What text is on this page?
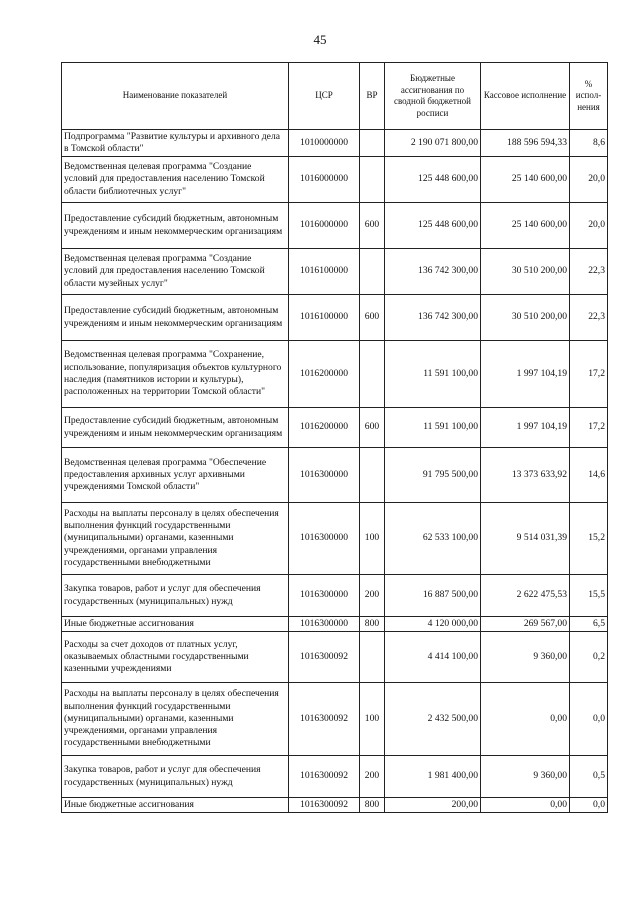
45
Наименование показателей	ЦСР	ВР	Бюджетные ассигнования по сводной бюджетной росписи	Кассовое исполнение	% испол-нения
Подпрограмма "Развитие культуры и архивного дела в Томской области"	1010000000		2 190 071 800,00	188 596 594,33	8,6
Ведомственная целевая программа "Создание условий для предоставления населению Томской области библиотечных услуг"	1016000000		125 448 600,00	25 140 600,00	20,0
Предоставление субсидий бюджетным, автономным учреждениям и иным некоммерческим организациям	1016000000	600	125 448 600,00	25 140 600,00	20,0
Ведомственная целевая программа "Создание условий для предоставления населению Томской области музейных услуг"	1016100000		136 742 300,00	30 510 200,00	22,3
Предоставление субсидий бюджетным, автономным учреждениям и иным некоммерческим организациям	1016100000	600	136 742 300,00	30 510 200,00	22,3
Ведомственная целевая программа "Сохранение, использование, популяризация объектов культурного наследия (памятников истории и культуры), расположенных на территории Томской области"	1016200000		11 591 100,00	1 997 104,19	17,2
Предоставление субсидий бюджетным, автономным учреждениям и иным некоммерческим организациям	1016200000	600	11 591 100,00	1 997 104,19	17,2
Ведомственная целевая программа "Обеспечение предоставления архивных услуг архивными учреждениями Томской области"	1016300000		91 795 500,00	13 373 633,92	14,6
Расходы на выплаты персоналу в целях обеспечения выполнения функций государственными (муниципальными) органами, казенными учреждениями, органами управления государственными внебюджетными	1016300000	100	62 533 100,00	9 514 031,39	15,2
Закупка товаров, работ и услуг для обеспечения государственных (муниципальных) нужд	1016300000	200	16 887 500,00	2 622 475,53	15,5
Иные бюджетные ассигнования	1016300000	800	4 120 000,00	269 567,00	6,5
Расходы за счет доходов от платных услуг, оказываемых областными государственными казенными учреждениями	1016300092		4 414 100,00	9 360,00	0,2
Расходы на выплаты персоналу в целях обеспечения выполнения функций государственными (муниципальными) органами, казенными учреждениями, органами управления государственными внебюджетными	1016300092	100	2 432 500,00	0,00	0,0
Закупка товаров, работ и услуг для обеспечения государственных (муниципальных) нужд	1016300092	200	1 981 400,00	9 360,00	0,5
Иные бюджетные ассигнования	1016300092	800	200,00	0,00	0,0
